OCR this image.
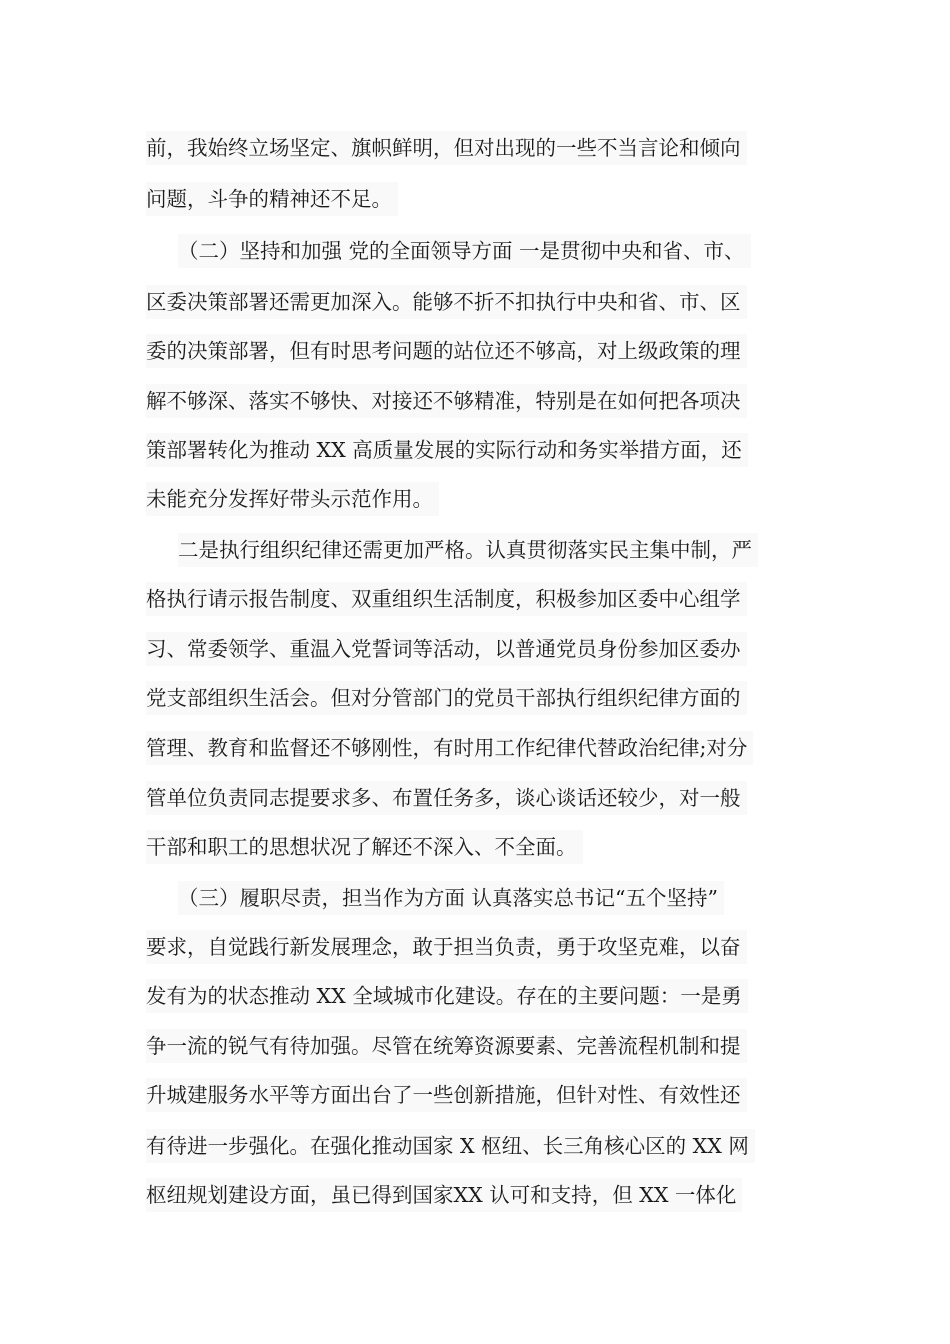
前，我始终立场坚定、旗帜鲜明，但对出现的一些不当言论和倾向
问题，斗争的精神还不足。
（二）坚持和加强 党的全面领导方面 一是贯彻中央和省、市、
区委决策部署还需更加深入。能够不折不扣执行中央和省、市、区
委的决策部署，但有时思考问题的站位还不够高，对上级政策的理
解不够深、落实不够快、对接还不够精准，特别是在如何把各项决
策部署转化为推动 XX 高质量发展的实际行动和务实举措方面，还
未能充分发挥好带头示范作用。
二是执行组织纪律还需更加严格。认真贯彻落实民主集中制，严
格执行请示报告制度、双重组织生活制度，积极参加区委中心组学
习、常委领学、重温入党誓词等活动，以普通党员身份参加区委办
党支部组织生活会。但对分管部门的党员干部执行组织纪律方面的
管理、教育和监督还不够刚性，有时用工作纪律代替政治纪律;对分
管单位负责同志提要求多、布置任务多，谈心谈话还较少，对一般
干部和职工的思想状况了解还不深入、不全面。
（三）履职尽责，担当作为方面 认真落实总书记“五个坚持”
要求，自觉践行新发展理念，敢于担当负责，勇于攻坚克难，以奋
发有为的状态推动 XX 全域城市化建设。存在的主要问题：一是勇
争一流的锐气有待加强。尽管在统筹资源要素、完善流程机制和提
升城建服务水平等方面出台了一些创新措施，但针对性、有效性还
有待进一步强化。在强化推动国家 X 枢纽、长三角核心区的 XX 网
枢纽规划建设方面，虽已得到国家XX 认可和支持，但 XX 一体化
